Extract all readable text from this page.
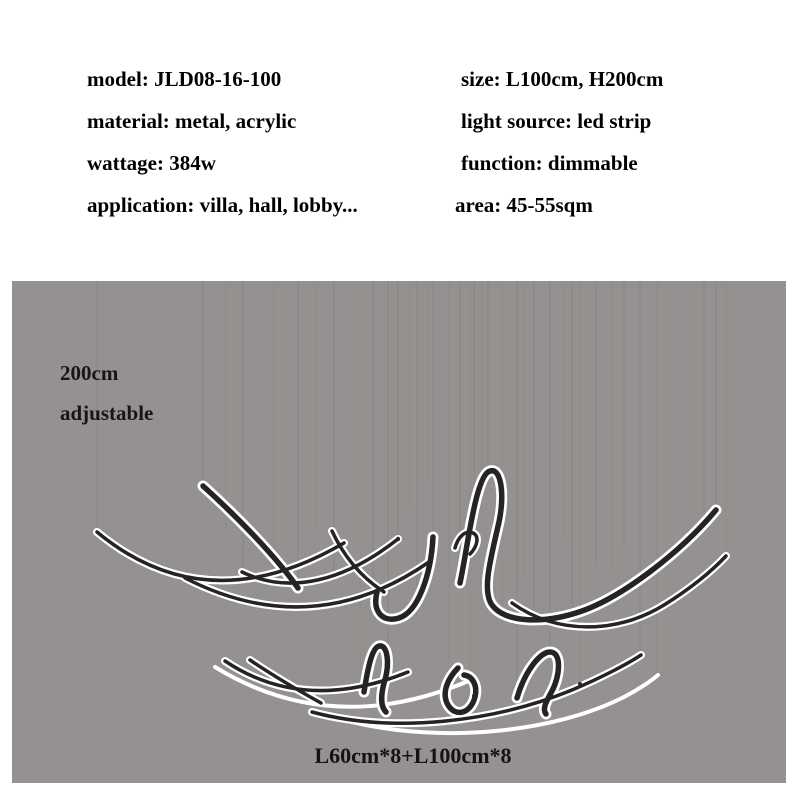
model: JLD08-16-100	size: L100cm, H200cm
material: metal, acrylic	light source: led strip
wattage: 384w	function: dimmable
application: villa, hall, lobby...	area: 45-55sqm
200cm
adjustable
L60cm*8+L100cm*8
